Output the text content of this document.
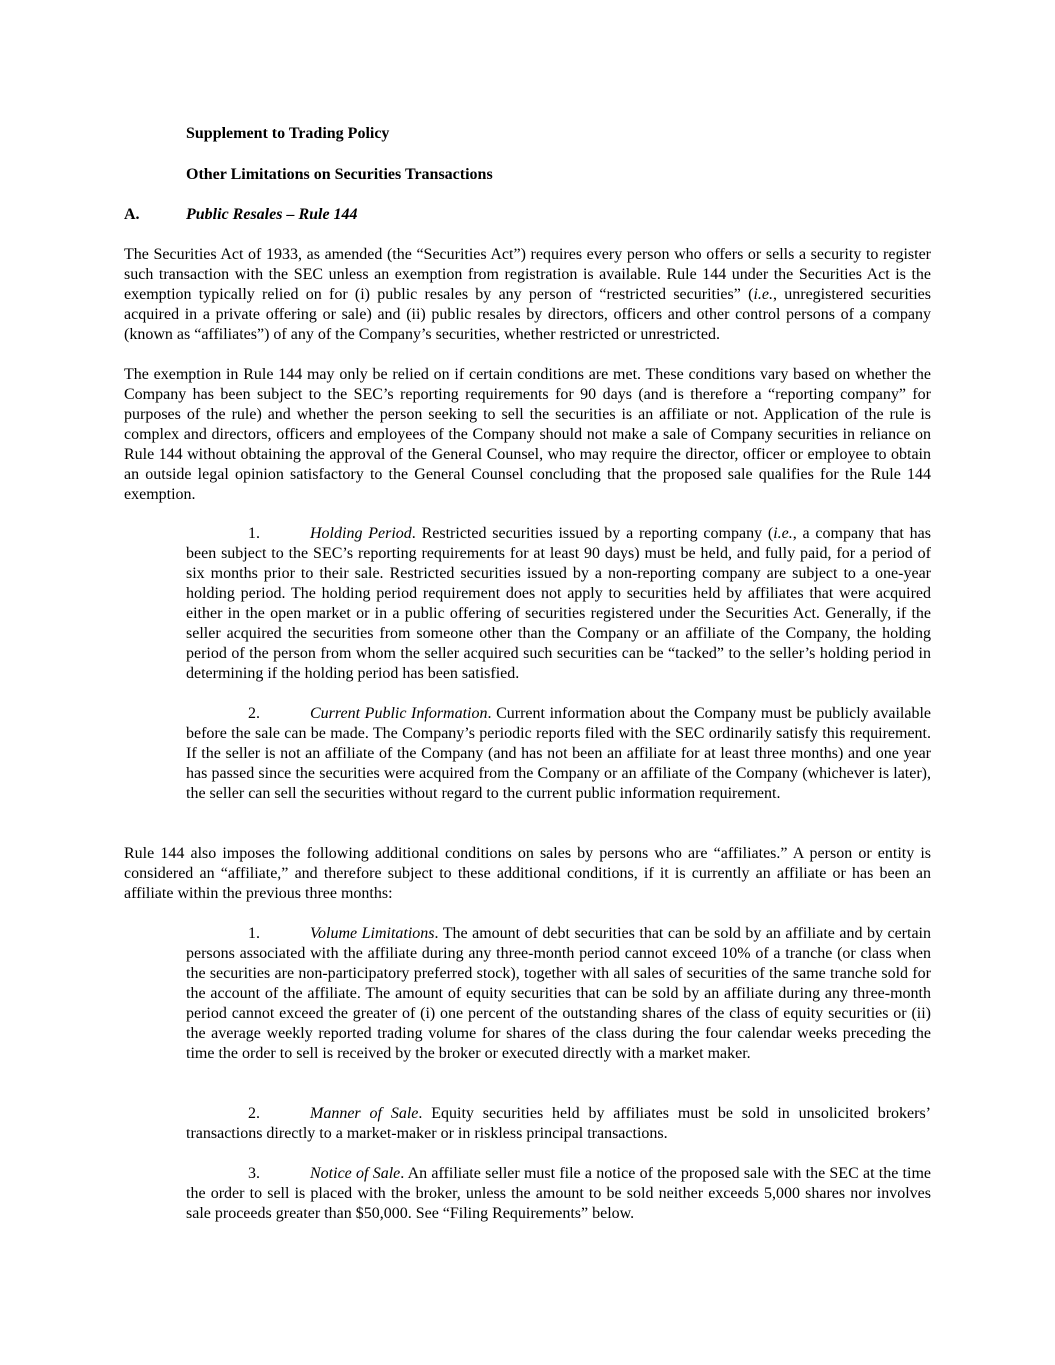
Supplement to Trading Policy

Other Limitations on Securities Transactions

A.	Public Resales – Rule 144

The Securities Act of 1933, as amended (the “Securities Act”) requires every person who offers or sells a security to register such transaction with the SEC unless an exemption from registration is available. Rule 144 under the Securities Act is the exemption typically relied on for (i) public resales by any person of “restricted securities” (i.e., unregistered securities acquired in a private offering or sale) and (ii) public resales by directors, officers and other control persons of a company (known as “affiliates”) of any of the Company’s securities, whether restricted or unrestricted.

The exemption in Rule 144 may only be relied on if certain conditions are met. These conditions vary based on whether the Company has been subject to the SEC’s reporting requirements for 90 days (and is therefore a “reporting company” for purposes of the rule) and whether the person seeking to sell the securities is an affiliate or not. Application of the rule is complex and directors, officers and employees of the Company should not make a sale of Company securities in reliance on Rule 144 without obtaining the approval of the General Counsel, who may require the director, officer or employee to obtain an outside legal opinion satisfactory to the General Counsel concluding that the proposed sale qualifies for the Rule 144 exemption.

1.	Holding Period. Restricted securities issued by a reporting company (i.e., a company that has been subject to the SEC’s reporting requirements for at least 90 days) must be held, and fully paid, for a period of six months prior to their sale. Restricted securities issued by a non-reporting company are subject to a one-year holding period. The holding period requirement does not apply to securities held by affiliates that were acquired either in the open market or in a public offering of securities registered under the Securities Act. Generally, if the seller acquired the securities from someone other than the Company or an affiliate of the Company, the holding period of the person from whom the seller acquired such securities can be “tacked” to the seller’s holding period in determining if the holding period has been satisfied.

2.	Current Public Information. Current information about the Company must be publicly available before the sale can be made. The Company’s periodic reports filed with the SEC ordinarily satisfy this requirement. If the seller is not an affiliate of the Company (and has not been an affiliate for at least three months) and one year has passed since the securities were acquired from the Company or an affiliate of the Company (whichever is later), the seller can sell the securities without regard to the current public information requirement.

Rule 144 also imposes the following additional conditions on sales by persons who are “affiliates.” A person or entity is considered an “affiliate,” and therefore subject to these additional conditions, if it is currently an affiliate or has been an affiliate within the previous three months:

1.	Volume Limitations. The amount of debt securities that can be sold by an affiliate and by certain persons associated with the affiliate during any three-month period cannot exceed 10% of a tranche (or class when the securities are non-participatory preferred stock), together with all sales of securities of the same tranche sold for the account of the affiliate. The amount of equity securities that can be sold by an affiliate during any three-month period cannot exceed the greater of (i) one percent of the outstanding shares of the class of equity securities or (ii) the average weekly reported trading volume for shares of the class during the four calendar weeks preceding the time the order to sell is received by the broker or executed directly with a market maker.

2.	Manner of Sale. Equity securities held by affiliates must be sold in unsolicited brokers’ transactions directly to a market-maker or in riskless principal transactions.

3.	Notice of Sale. An affiliate seller must file a notice of the proposed sale with the SEC at the time the order to sell is placed with the broker, unless the amount to be sold neither exceeds 5,000 shares nor involves sale proceeds greater than $50,000. See “Filing Requirements” below.
